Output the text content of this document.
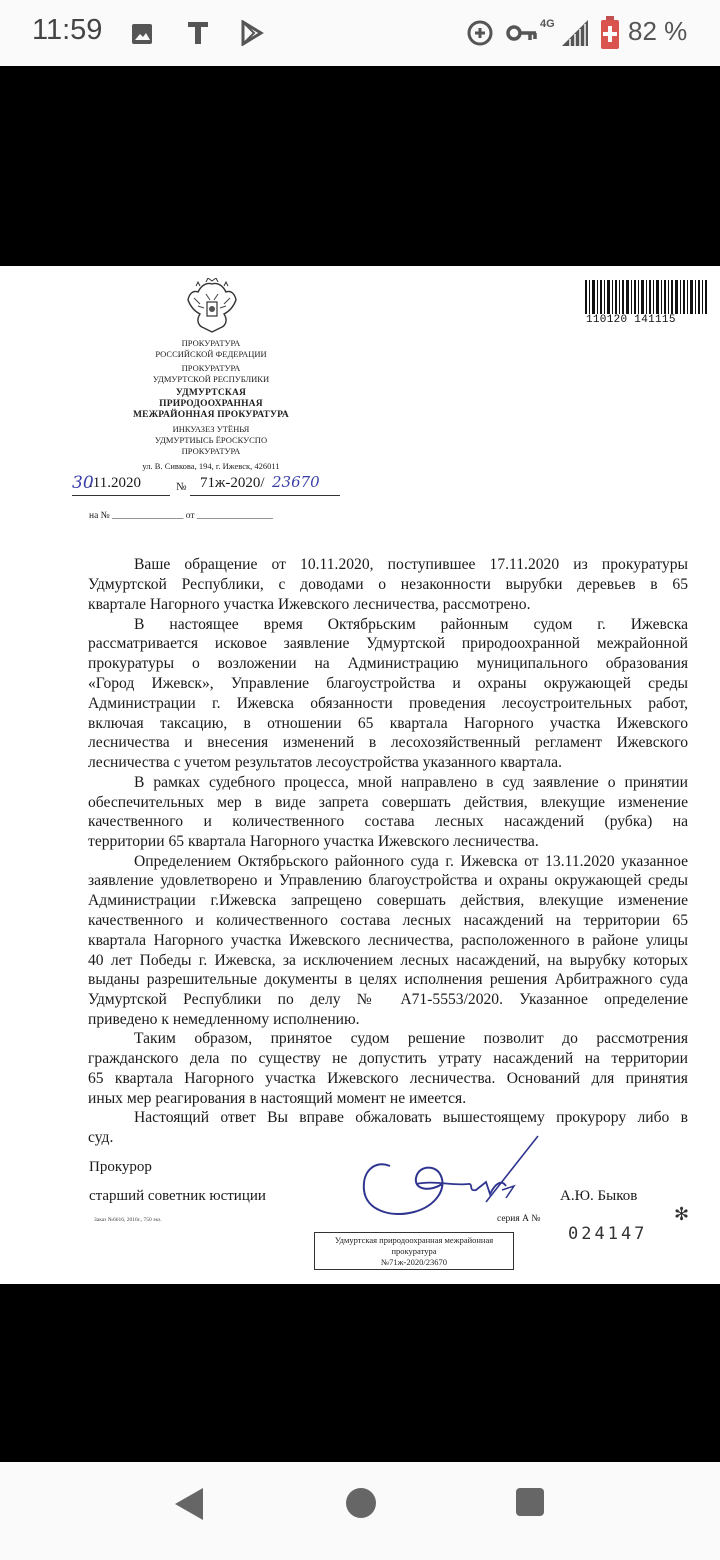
11:59	4G	82 %
110120 141115
ПРОКУРАТУРА
РОССИЙСКОЙ ФЕДЕРАЦИИ
ПРОКУРАТУРА
УДМУРТСКОЙ РЕСПУБЛИКИ
УДМУРТСКАЯ
ПРИРОДООХРАННАЯ
МЕЖРАЙОННАЯ ПРОКУРАТУРА
ИНКУАЗЕЗ УТЁНЬЯ
УДМУРТИЫСЬ ЁРОСКУСПО
ПРОКУРАТУРА
ул. В. Сивкова, 194, г. Ижевск, 426011
30
.11.2020	№ 71ж-2020/ 23670
на № _______________ от ________________
Ваше обращение от 10.11.2020, поступившее 17.11.2020 из прокуратуры
Удмуртской Республики, с доводами о незаконности вырубки деревьев в 65
квартале Нагорного участка Ижевского лесничества, рассмотрено.
В настоящее время Октябрьским районным судом г. Ижевска
рассматривается исковое заявление Удмуртской природоохранной межрайонной
прокуратуры о возложении на Администрацию муниципального образования
«Город Ижевск», Управление благоустройства и охраны окружающей среды
Администрации г. Ижевска обязанности проведения лесоустроительных работ,
включая таксацию, в отношении 65 квартала Нагорного участка Ижевского
лесничества и внесения изменений в лесохозяйственный регламент Ижевского
лесничества с учетом результатов лесоустройства указанного квартала.
В рамках судебного процесса, мной направлено в суд заявление о принятии
обеспечительных мер в виде запрета совершать действия, влекущие изменение
качественного и количественного состава лесных насаждений (рубка) на
территории 65 квартала Нагорного участка Ижевского лесничества.
Определением Октябрьского районного суда г. Ижевска от 13.11.2020 указанное
заявление удовлетворено и Управлению благоустройства и охраны окружающей среды
Администрации г.Ижевска запрещено совершать действия, влекущие изменение
качественного и количественного состава лесных насаждений на территории 65
квартала Нагорного участка Ижевского лесничества, расположенного в районе улицы
40 лет Победы г. Ижевска, за исключением лесных насаждений, на вырубку которых
выданы разрешительные документы в целях исполнения решения Арбитражного суда
Удмуртской Республики по делу № А71-5553/2020. Указанное определение
приведено к немедленному исполнению.
Таким образом, принятое судом решение позволит до рассмотрения
гражданского дела по существу не допустить утрату насаждений на территории
65 квартала Нагорного участка Ижевского лесничества. Оснований для принятия
иных мер реагирования в настоящий момент не имеется.
Настоящий ответ Вы вправе обжаловать вышестоящему прокурору либо в
суд.
Прокурор
старший советник юстиции	А.Ю. Быков
Заказ №6616, 2016г., 750 экз.	серия А №
024147
✻
Удмуртская природоохранная межрайонная
прокуратура
№71ж-2020/23670
